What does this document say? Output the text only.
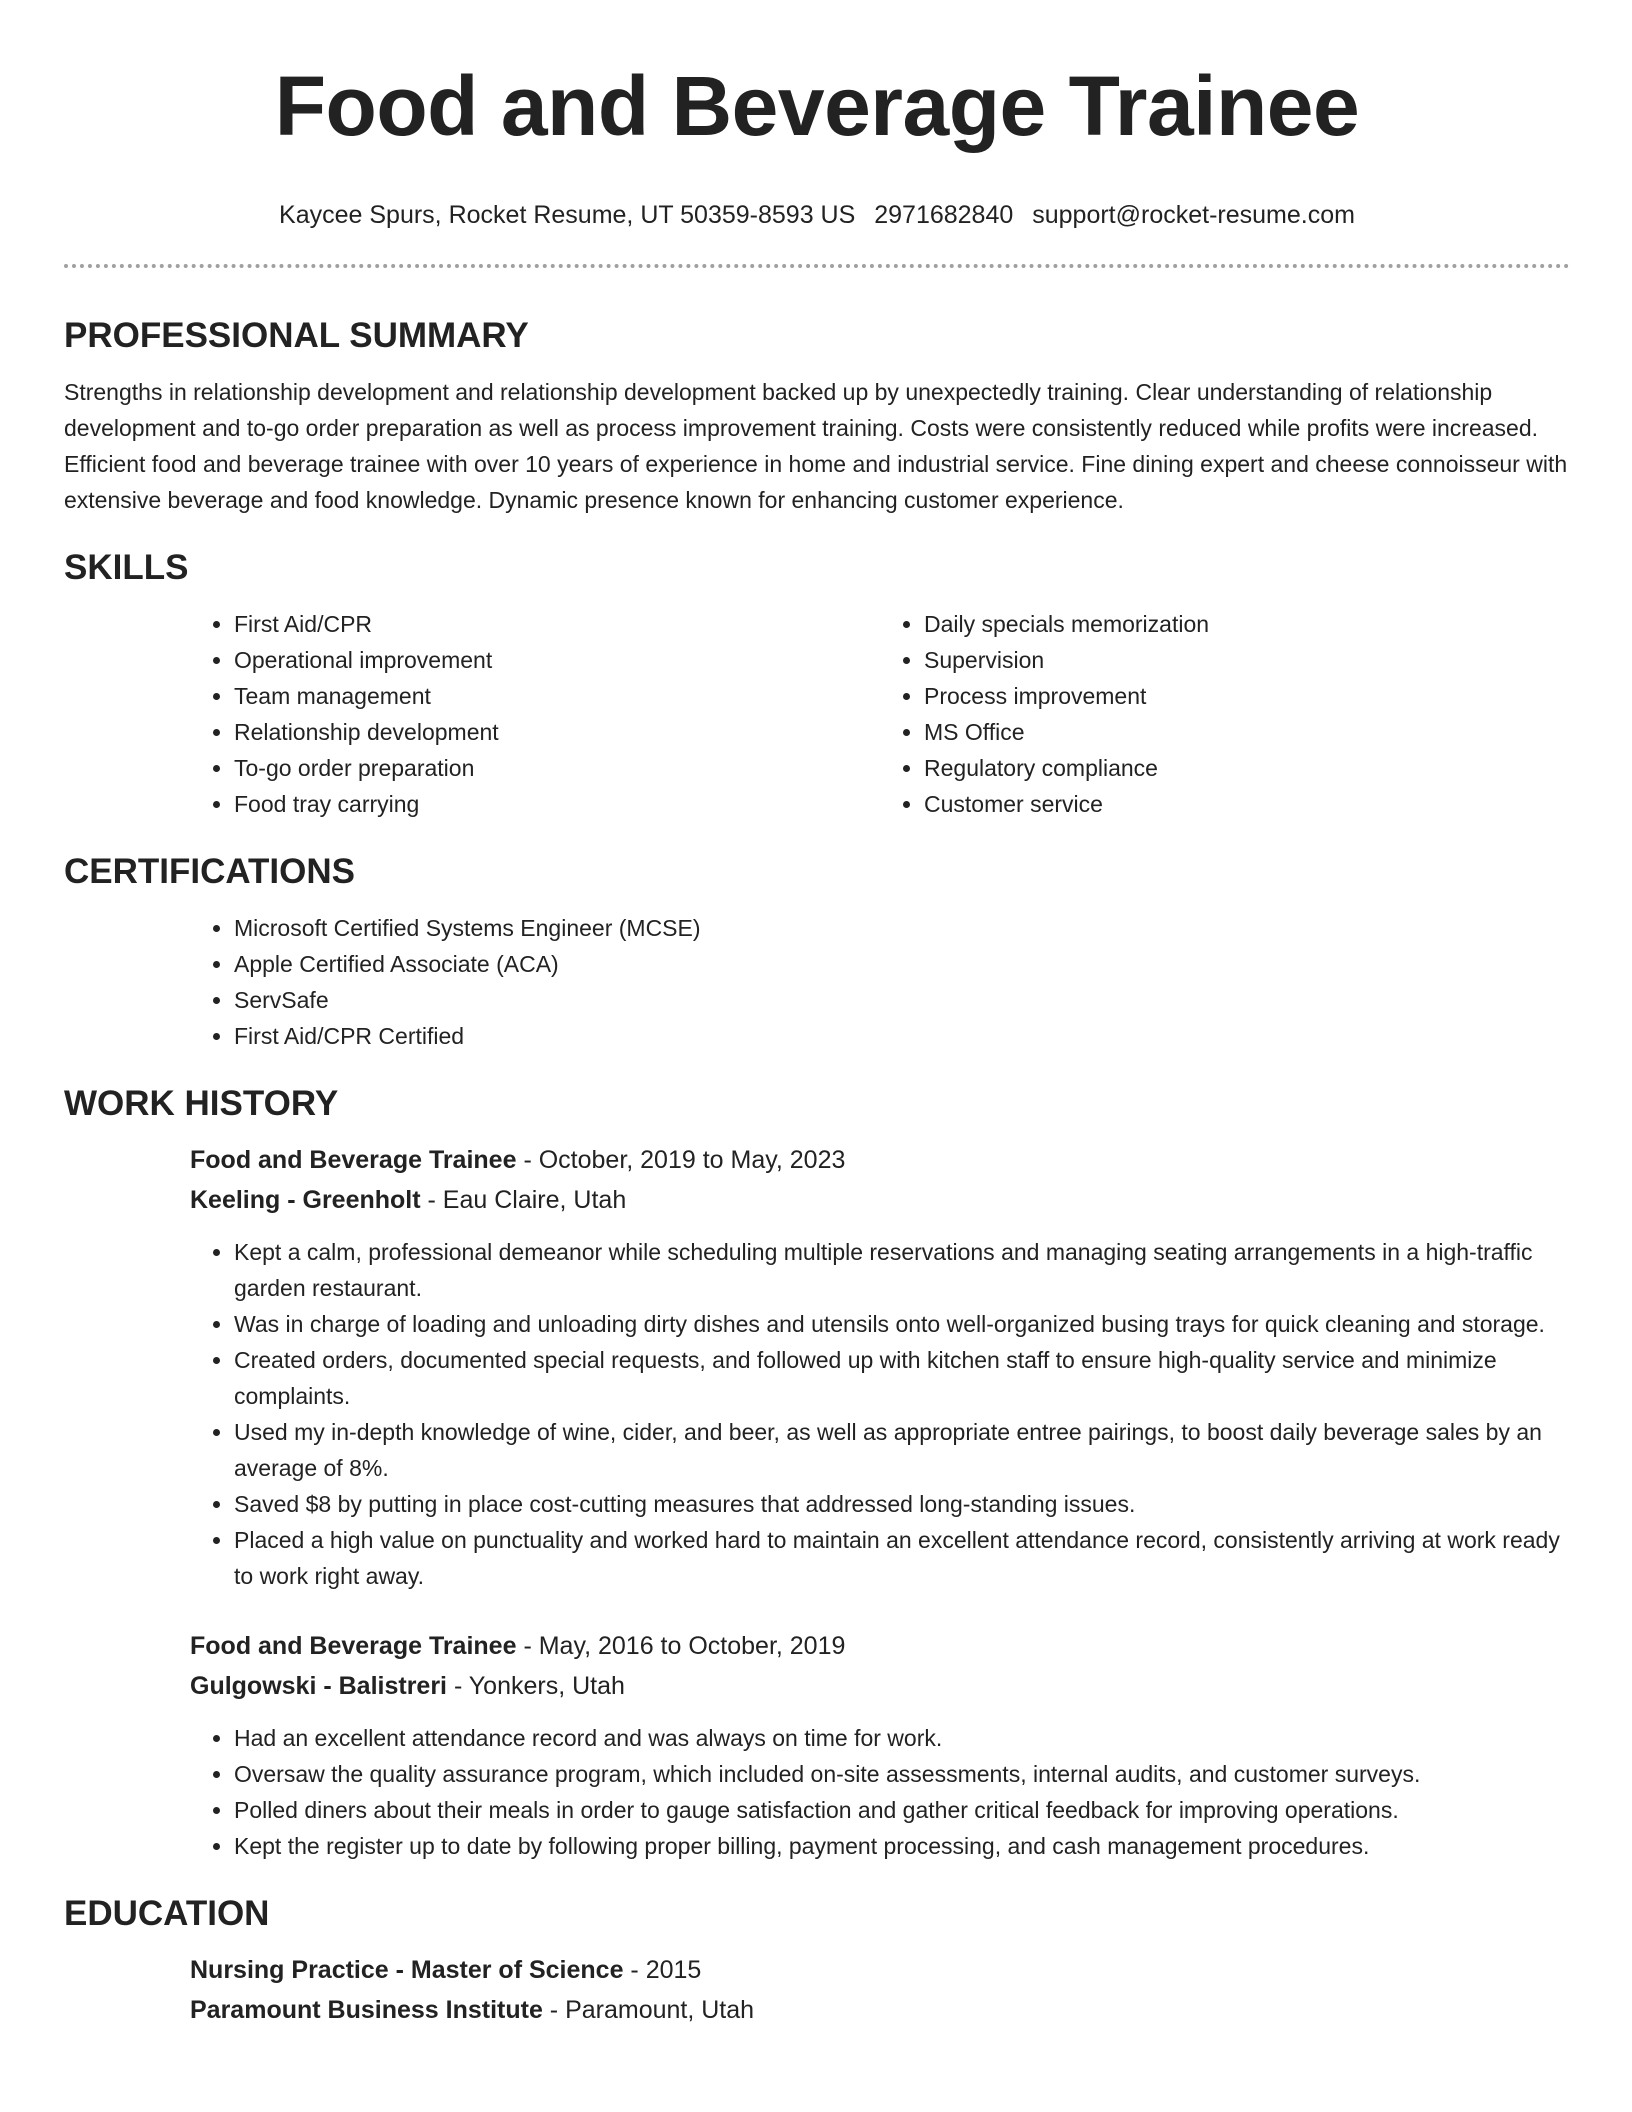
Food and Beverage Trainee
Kaycee Spurs, Rocket Resume, UT 50359-8593 US 2971682840 support@rocket-resume.com
PROFESSIONAL SUMMARY

Strengths in relationship development and relationship development backed up by unexpectedly training. Clear understanding of relationship development and to-go order preparation as well as process improvement training. Costs were consistently reduced while profits were increased. Efficient food and beverage trainee with over 10 years of experience in home and industrial service. Fine dining expert and cheese connoisseur with extensive beverage and food knowledge. Dynamic presence known for enhancing customer experience.

SKILLS
• First Aid/CPR
• Operational improvement
• Team management
• Relationship development
• To-go order preparation
• Food tray carrying
• Daily specials memorization
• Supervision
• Process improvement
• MS Office
• Regulatory compliance
• Customer service
CERTIFICATIONS
• Microsoft Certified Systems Engineer (MCSE)
• Apple Certified Associate (ACA)
• ServSafe
• First Aid/CPR Certified
WORK HISTORY
Food and Beverage Trainee - October, 2019 to May, 2023
Keeling - Greenholt - Eau Claire, Utah
• Kept a calm, professional demeanor while scheduling multiple reservations and managing seating arrangements in a high-traffic garden restaurant.
• Was in charge of loading and unloading dirty dishes and utensils onto well-organized busing trays for quick cleaning and storage.
• Created orders, documented special requests, and followed up with kitchen staff to ensure high-quality service and minimize complaints.
• Used my in-depth knowledge of wine, cider, and beer, as well as appropriate entree pairings, to boost daily beverage sales by an average of 8%.
• Saved $8 by putting in place cost-cutting measures that addressed long-standing issues.
• Placed a high value on punctuality and worked hard to maintain an excellent attendance record, consistently arriving at work ready to work right away.
Food and Beverage Trainee - May, 2016 to October, 2019
Gulgowski - Balistreri - Yonkers, Utah
• Had an excellent attendance record and was always on time for work.
• Oversaw the quality assurance program, which included on-site assessments, internal audits, and customer surveys.
• Polled diners about their meals in order to gauge satisfaction and gather critical feedback for improving operations.
• Kept the register up to date by following proper billing, payment processing, and cash management procedures.
EDUCATION
Nursing Practice - Master of Science - 2015
Paramount Business Institute - Paramount, Utah
